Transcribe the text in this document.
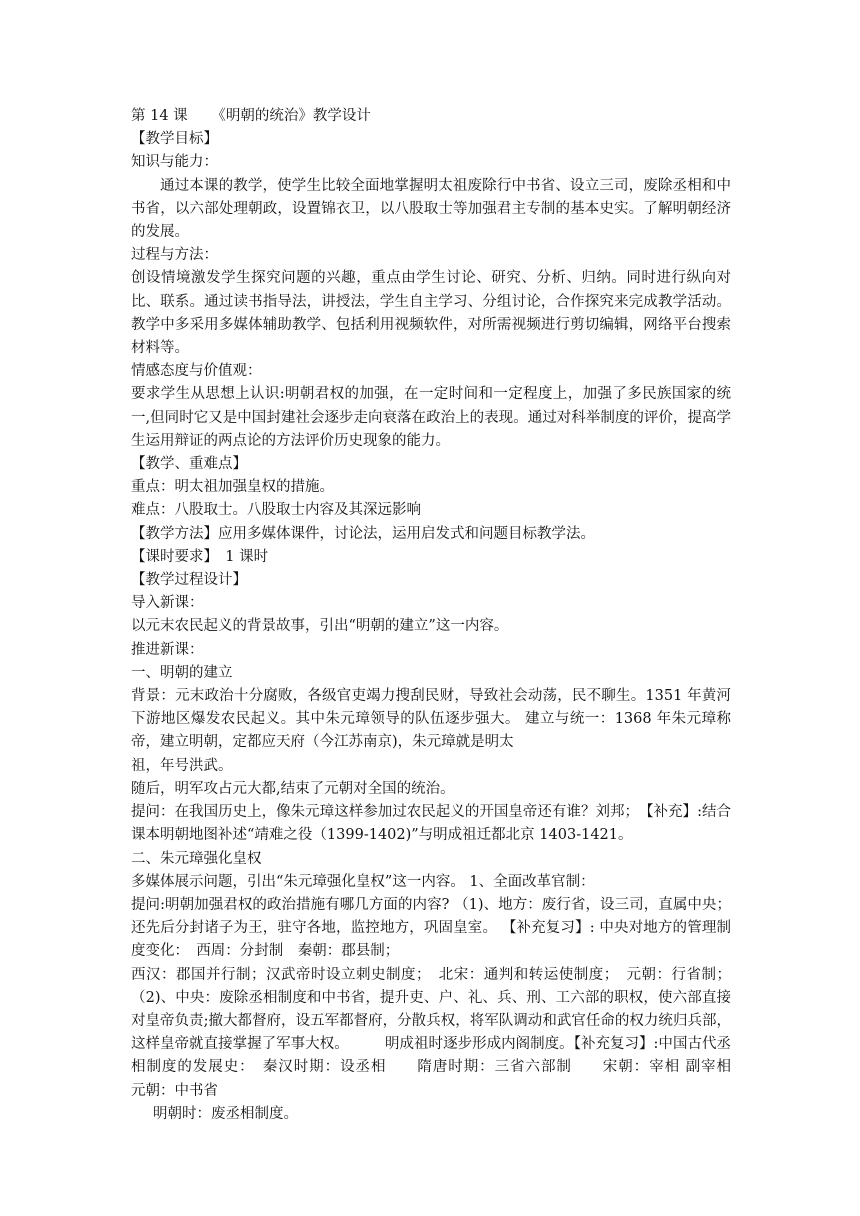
第 14 课 　 《明朝的统治》教学设计
【教学目标】
知识与能力：
通过本课的教学，使学生比较全面地掌握明太祖废除行中书省、设立三司，废除丞相和中书省，以六部处理朝政，设置锦衣卫，以八股取士等加强君主专制的基本史实。了解明朝经济的发展。
过程与方法：
创设情境激发学生探究问题的兴趣，重点由学生讨论、研究、分析、归纳。同时进行纵向对比、联系。通过读书指导法，讲授法，学生自主学习、分组讨论，合作探究来完成教学活动。教学中多采用多媒体辅助教学、包括利用视频软件，对所需视频进行剪切编辑，网络平台搜索材料等。
情感态度与价值观：
要求学生从思想上认识:明朝君权的加强，在一定时间和一定程度上，加强了多民族国家的统一,但同时它又是中国封建社会逐步走向衰落在政治上的表现。通过对科举制度的评价，提高学生运用辩证的两点论的方法评价历史现象的能力。
【教学、重难点】
重点：明太祖加强皇权的措施。
难点：八股取士。八股取士内容及其深远影响
【教学方法】应用多媒体课件，讨论法，运用启发式和问题目标教学法。
【课时要求】　1 课时
【教学过程设计】
导入新课：
以元末农民起义的背景故事，引出“明朝的建立”这一内容。
推进新课：
一、明朝的建立
背景：元末政治十分腐败，各级官吏竭力搜刮民财，导致社会动荡，民不聊生。1351 年黄河下游地区爆发农民起义。其中朱元璋领导的队伍逐步强大。 建立与统一：1368 年朱元璋称帝，建立明朝，定都应天府（今江苏南京)，朱元璋就是明太
祖，年号洪武。
随后，明军攻占元大都,结束了元朝对全国的统治。
提问：在我国历史上，像朱元璋这样参加过农民起义的开国皇帝还有谁？刘邦；　【补充】:结合课本明朝地图补述“靖难之役（1399-1402)”与明成祖迁都北京 1403-1421。
二、朱元璋强化皇权
多媒体展示问题，引出“朱元璋强化皇权”这一内容。 1、全面改革官制：
提问:明朝加强君权的政治措施有哪几方面的内容? （1)、地方：废行省，设三司，直属中央；还先后分封诸子为王，驻守各地，监控地方，巩固皇室。 【补充复习】: 中央对地方的管理制度变化：　西周：分封制　秦朝：郡县制；
西汉：郡国并行制；汉武帝时设立刺史制度；　北宋：通判和转运使制度；　元朝：行省制；（2)、中央：废除丞相制度和中书省，提升吏、户、礼、兵、刑、工六部的职权，使六部直接对皇帝负责;撤大都督府，设五军都督府，分散兵权，将军队调动和武官任命的权力统归兵部，这样皇帝就直接掌握了军事大权。　　　明成祖时逐步形成内阁制度。【补充复习】:中国古代丞相制度的发展史：　秦汉时期：设丞相　　隋唐时期：三省六部制　　宋朝：宰相 副宰相　　元朝：中书省
明朝时：废丞相制度。
